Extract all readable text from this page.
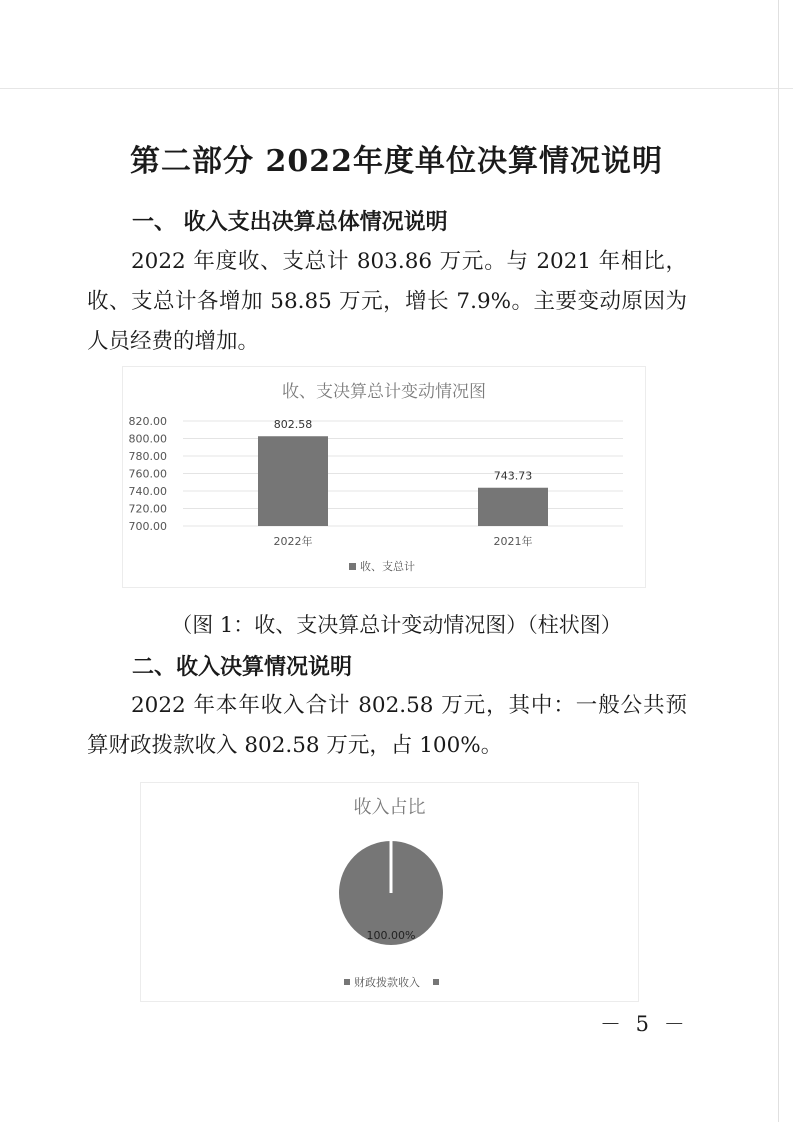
第二部分 2022年度单位决算情况说明
一、 收入支出决算总体情况说明
2022 年度收、支总计 803.86 万元。与 2021 年相比，收、支总计各增加 58.85 万元，增长 7.9%。主要变动原因为人员经费的增加。
收、支决算总计变动情况图
820.00
800.00
780.00
760.00
740.00
720.00
700.00
802.58
2022年
743.73
2021年
收、支总计
（图 1：收、支决算总计变动情况图）（柱状图）
二、收入决算情况说明
2022 年本年收入合计 802.58 万元，其中：一般公共预算财政拨款收入 802.58 万元，占 100%。
收入占比
100.00%
财政拨款收入
－ 5 －
